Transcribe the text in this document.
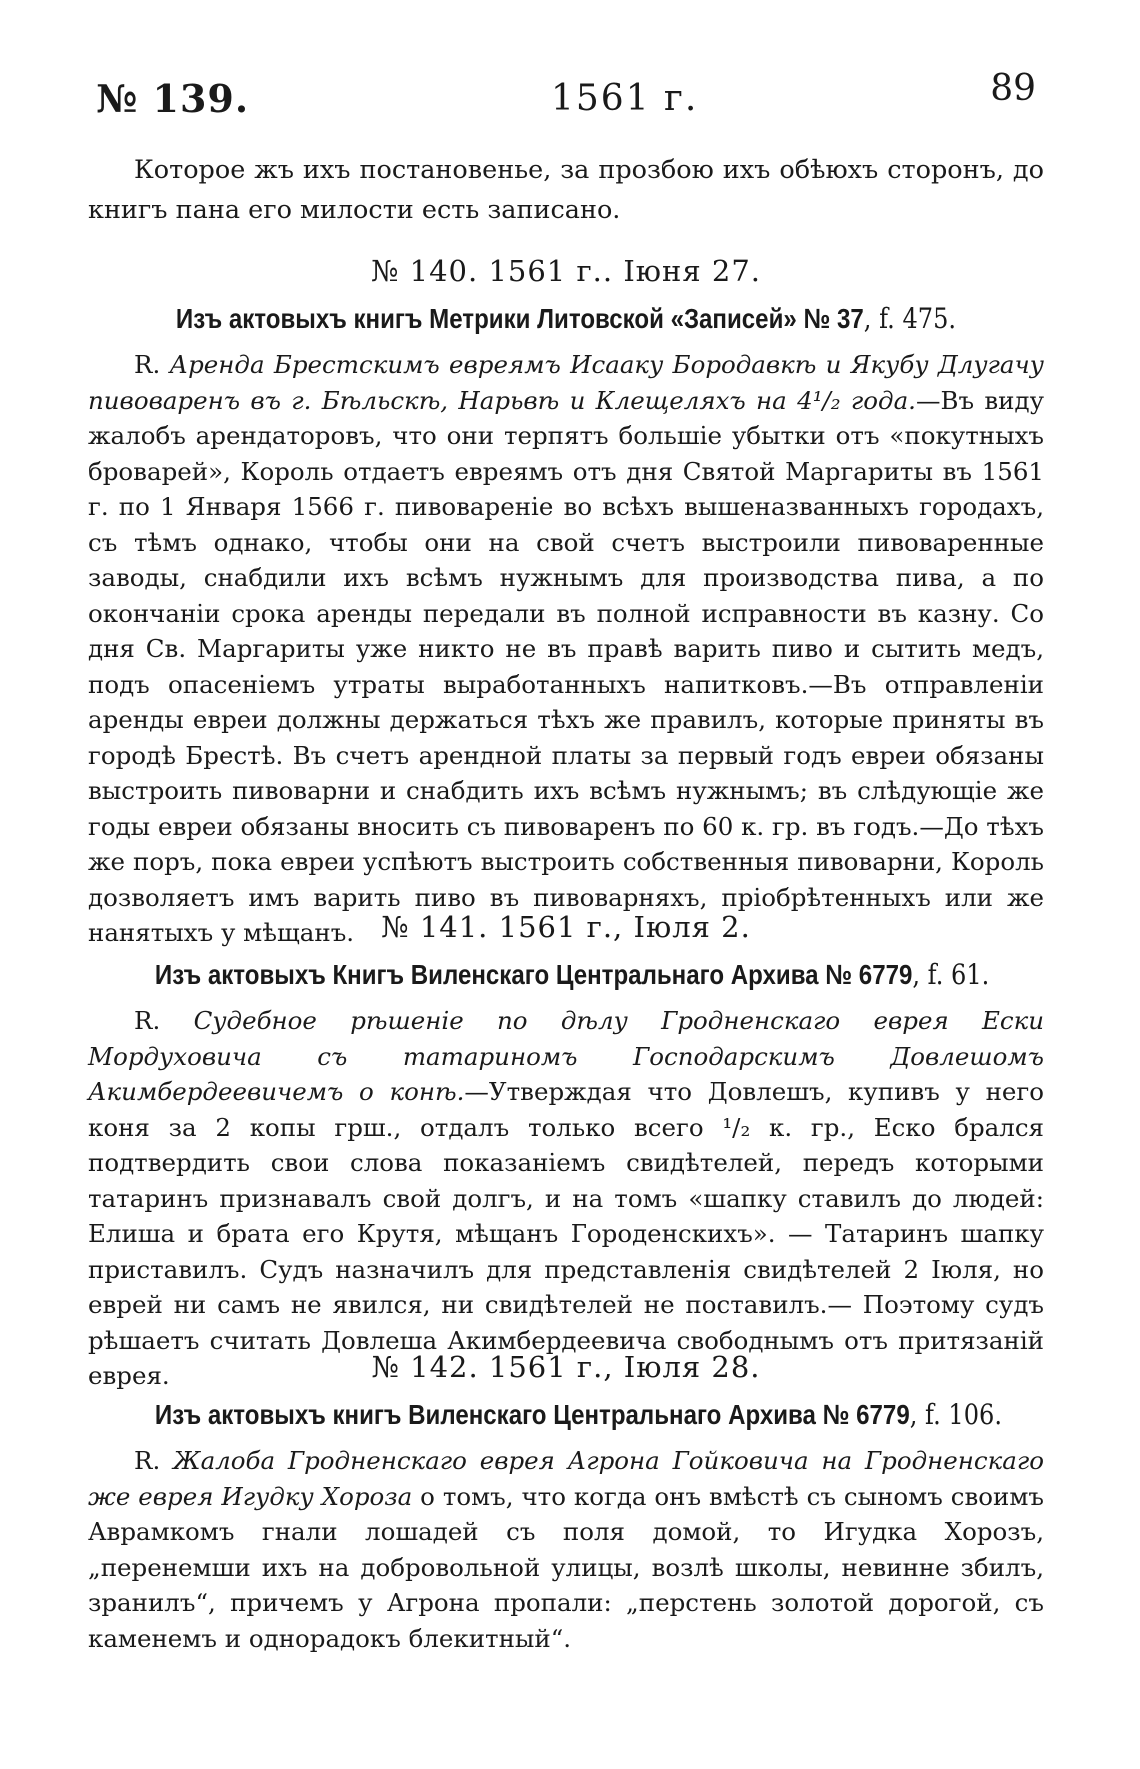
№ 139.	1561 г.	89

Которое жъ ихъ постановенье, за прозбою ихъ обѣюхъ сторонъ, до книгъ пана его милости есть записано.

№ 140. 1561 г.. Iюня 27.
Изъ актовыхъ книгъ Метрики Литовской «Записей» № 37, f. 475.

R. Аренда Брестскимъ евреямъ Исааку Бородавкѣ и Якубу Длугачу пивоваренъ въ г. Бѣльскѣ, Нарьвѣ и Клещеляхъ на 4¹/₂ года.—Въ виду жалобъ арендаторовъ, что они терпятъ большiе убытки отъ «покутныхъ броварей», Король отдаетъ евреямъ отъ дня Святой Маргариты въ 1561 г. по 1 Января 1566 г. пивоваренiе во всѣхъ вышеназванныхъ городахъ, съ тѣмъ однако, чтобы они на свой счетъ выстроили пивоваренные заводы, снабдили ихъ всѣмъ нужнымъ для производства пива, а по окончанiи срока аренды передали въ полной исправности въ казну. Со дня Св. Маргариты уже никто не въ правѣ варить пиво и сытить медъ, подъ опасенiемъ утраты выработанныхъ напитковъ.—Въ отправленiи аренды евреи должны держаться тѣхъ же правилъ, которые приняты въ городѣ Брестѣ. Въ счетъ арендной платы за первый годъ евреи обязаны выстроить пивоварни и снабдить ихъ всѣмъ нужнымъ; въ слѣдующiе же годы евреи обязаны вносить съ пивоваренъ по 60 к. гр. въ годъ.—До тѣхъ же поръ, пока евреи успѣютъ выстроить собственныя пивоварни, Король дозволяетъ имъ варить пиво въ пивоварняхъ, прiобрѣтенныхъ или же нанятыхъ у мѣщанъ. № 141. 1561 г., Iюля 2.
Изъ актовыхъ Книгъ Виленскаго Центральнаго Архива № 6779, f. 61.

R. Судебное рѣшенiе по дѣлу Гродненскаго еврея Ески Мордуховича съ татариномъ Господарскимъ Довлешомъ Акимбердеевичемъ о конѣ.—Утверждая что Довлешъ, купивъ у него коня за 2 копы грш., отдалъ только всего ¹/₂ к. гр., Еско брался подтвердить свои слова показанiемъ свидѣтелей, передъ которыми татаринъ признавалъ свой долгъ, и на томъ «шапку ставилъ до людей: Елиша и брата его Крутя, мѣщанъ Городенскихъ». — Татаринъ шапку приставилъ. Судъ назначилъ для представленiя свидѣтелей 2 Iюля, но еврей ни самъ не явился, ни свидѣтелей не поставилъ.— Поэтому судъ рѣшаетъ считать Довлеша Акимбердеевича свободнымъ отъ притязанiй еврея.	№ 142. 1561 г., Iюля 28.
Изъ актовыхъ книгъ Виленскаго Центральнаго Архива № 6779, f. 106.

R. Жалоба Гродненскаго еврея Агрона Гойковича на Гродненскаго же еврея Игудку Хороза о томъ, что когда онъ вмѣстѣ съ сыномъ своимъ Аврамкомъ гнали лошадей съ поля домой, то Игудка Хорозъ, „перенемши ихъ на добровольной улицы, возлѣ школы, невинне збилъ, зранилъ“, причемъ у Агрона пропали: „перстень золотой дорогой, съ каменемъ и однорадокъ блекитный“.
